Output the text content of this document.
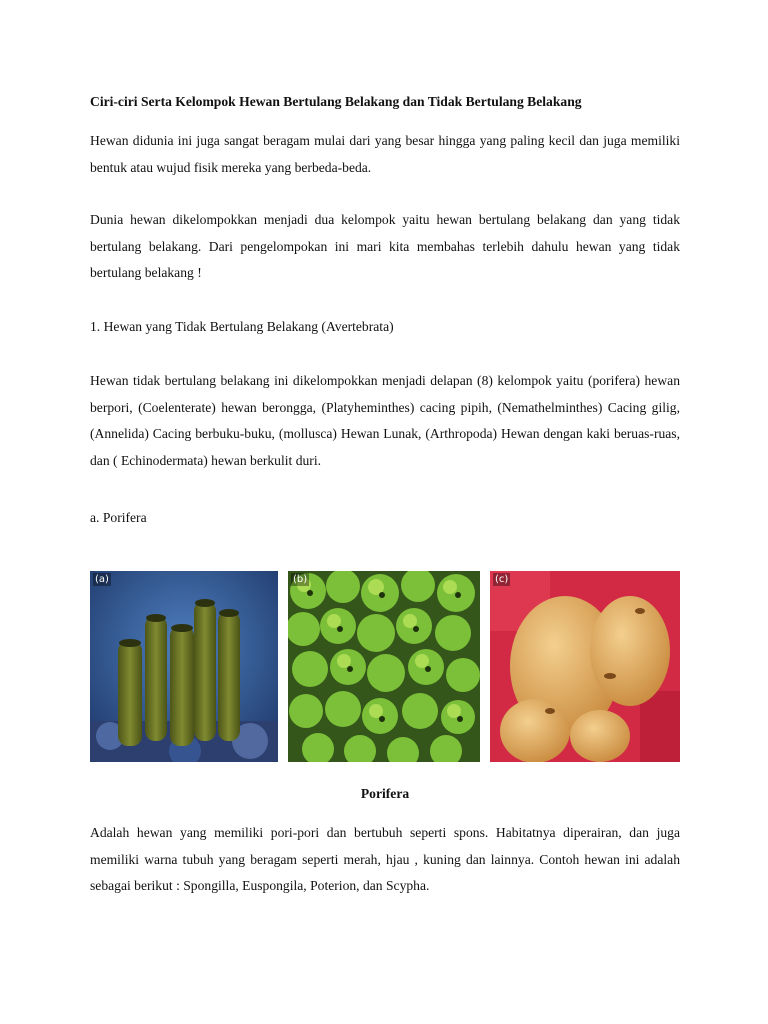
Ciri-ciri Serta Kelompok Hewan Bertulang Belakang dan Tidak Bertulang Belakang

Hewan didunia ini juga sangat beragam mulai dari yang besar hingga yang paling kecil dan juga memiliki bentuk atau wujud fisik mereka yang berbeda-beda.

Dunia hewan dikelompokkan menjadi dua kelompok yaitu hewan bertulang belakang dan yang tidak bertulang belakang. Dari pengelompokan ini mari kita membahas terlebih dahulu hewan yang tidak bertulang belakang !

1. Hewan yang Tidak Bertulang Belakang (Avertebrata)

Hewan tidak bertulang belakang ini dikelompokkan menjadi delapan (8) kelompok yaitu (porifera) hewan berpori, (Coelenterate) hewan berongga, (Platyheminthes) cacing pipih, (Nemathelminthes) Cacing gilig, (Annelida) Cacing berbuku-buku, (mollusca) Hewan Lunak, (Arthropoda) Hewan dengan kaki beruas-ruas, dan ( Echinodermata) hewan berkulit duri.

a. Porifera

(a)	(b)	(c)
Porifera

Adalah hewan yang memiliki pori-pori dan bertubuh seperti spons. Habitatnya diperairan, dan juga memiliki warna tubuh yang beragam seperti merah, hjau , kuning dan lainnya. Contoh hewan ini adalah sebagai berikut : Spongilla, Euspongila, Poterion, dan Scypha.
